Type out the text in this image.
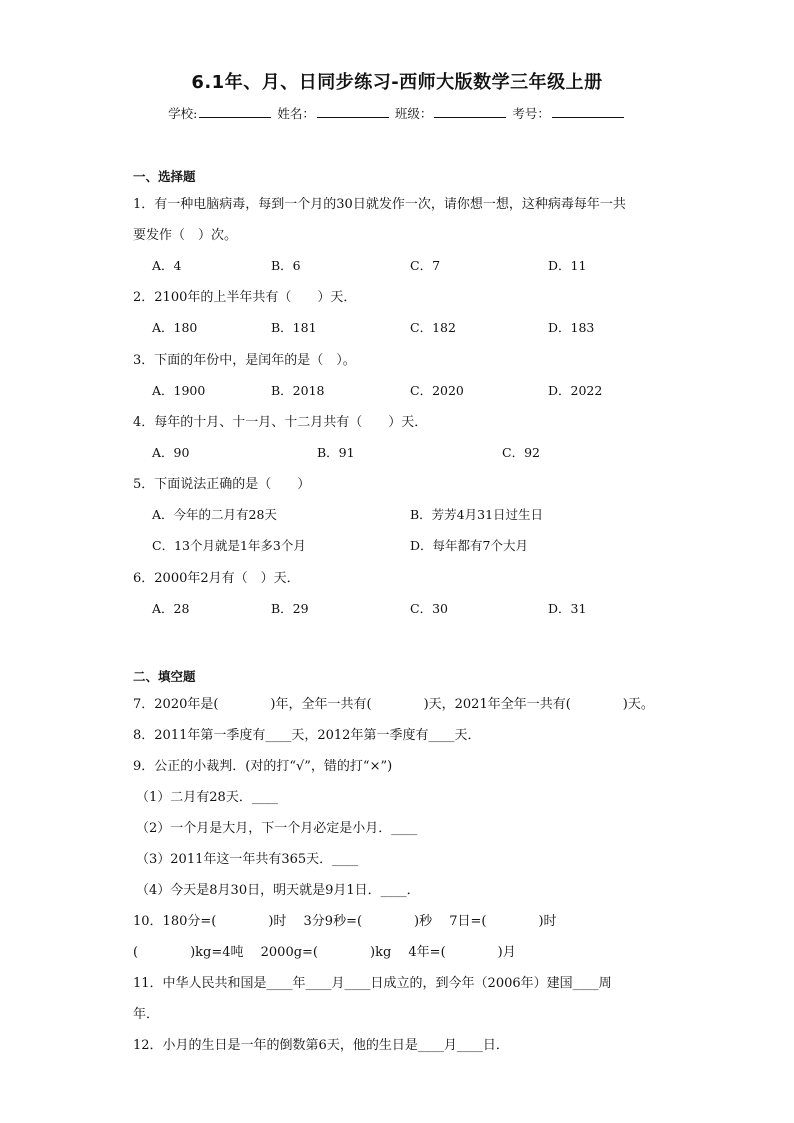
6.1年、月、日同步练习-西师大版数学三年级上册
学校:	姓名：	班级：	考号：
一、选择题
1．有一种电脑病毒，每到一个月的30日就发作一次，请你想一想，这种病毒每年一共
要发作（　）次。
A．4	B．6	C．7	D．11
2．2100年的上半年共有（　　）天．
A．180	B．181	C．182	D．183
3．下面的年份中，是闰年的是（　）。
A．1900	B．2018	C．2020	D．2022
4．每年的十月、十一月、十二月共有（　　）天．
A．90	B．91	C．92
5．下面说法正确的是（　　）
A．今年的二月有28天	B．芳芳4月31日过生日
C．13个月就是1年多3个月	D．每年都有7个大月
6．2000年2月有（　）天．
A．28	B．29	C．30	D．31
二、填空题
7．2020年是(　　　　)年，全年一共有(　　　　)天，2021年全年一共有(　　　　)天。
8．2011年第一季度有____天，2012年第一季度有____天．
9．公正的小裁判．(对的打“√”，错的打“×”)
（1）二月有28天．____
（2）一个月是大月，下一个月必定是小月．____
（3）2011年这一年共有365天．____
（4）今天是8月30日，明天就是9月1日．____．
10．180分=(　　　　)时　 3分9秒=(　　　　)秒　 7日=(　　　　)时
(　　　　)kg=4吨　 2000g=(　　　　)kg　 4年=(　　　　)月
11．中华人民共和国是____年____月____日成立的，到今年（2006年）建国____周
年．
12．小月的生日是一年的倒数第6天，他的生日是____月____日．
